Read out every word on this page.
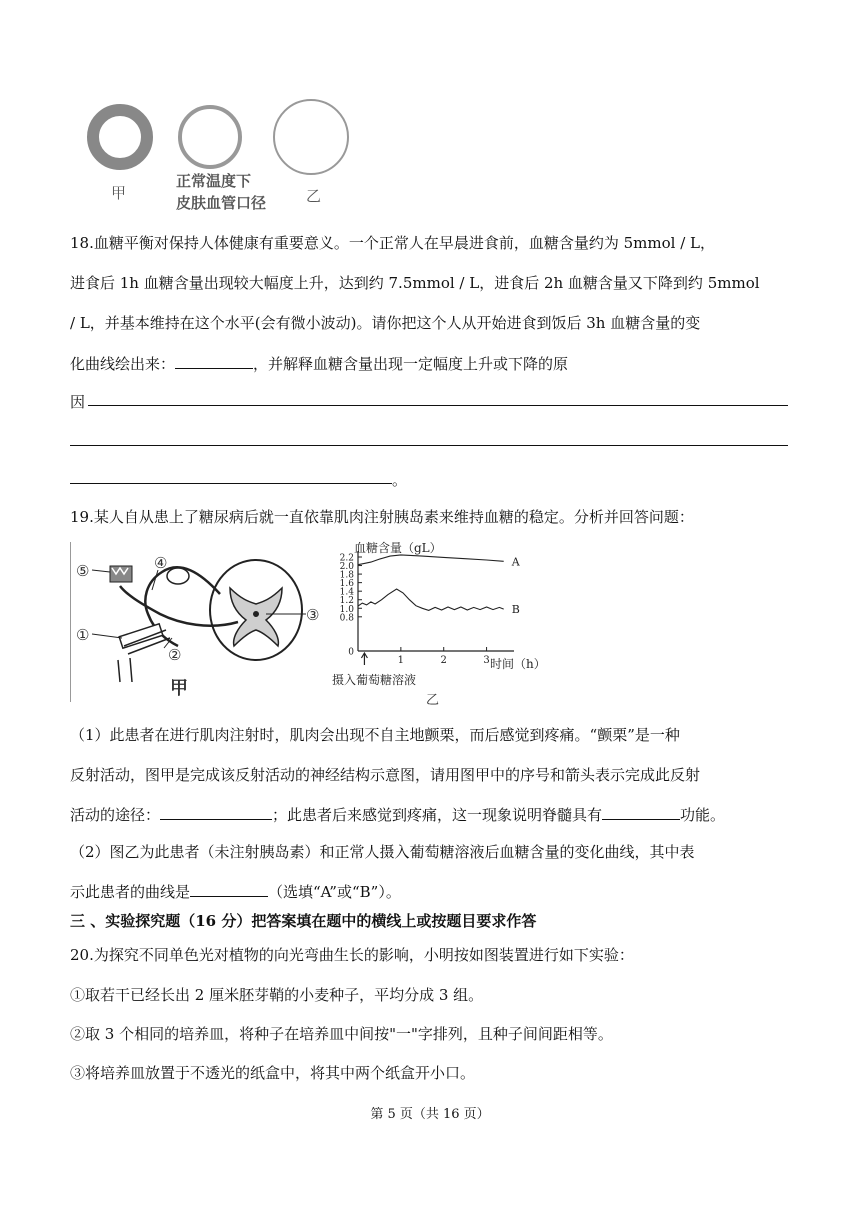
甲
正常温度下
皮肤血管口径	乙
18.血糖平衡对保持人体健康有重要意义。一个正常人在早晨进食前，血糖含量约为 5mmol / L，
进食后 1h 血糖含量出现较大幅度上升，达到约 7.5mmol / L，进食后 2h 血糖含量又下降到约 5mmol
/ L，并基本维持在这个水平(会有微小波动)。请你把这个人从开始进食到饭后 3h 血糖含量的变
化曲线绘出来：	，并解释血糖含量出现一定幅度上升或下降的原
因
。
19.某人自从患上了糖尿病后就一直依靠肌肉注射胰岛素来维持血糖的稳定。分析并回答问题：
⑤	④
①
②
③
甲
0
0.8
1.0
1.2
1.4
1.6
1.8
2.0
2.2
1	2	3
血糖含量（gL）
时间（h）
摄入葡萄糖溶液
乙
A
B
（1）此患者在进行肌肉注射时，肌肉会出现不自主地颤栗，而后感觉到疼痛。“颤栗”是一种
反射活动，图甲是完成该反射活动的神经结构示意图，请用图甲中的序号和箭头表示完成此反射
活动的途径：	；此患者后来感觉到疼痛，这一现象说明脊髓具有	功能。
（2）图乙为此患者（未注射胰岛素）和正常人摄入葡萄糖溶液后血糖含量的变化曲线，其中表
示此患者的曲线是	（选填“A”或“B”）。
三 、实验探究题（16 分）把答案填在题中的横线上或按题目要求作答
20.为探究不同单色光对植物的向光弯曲生长的影响，小明按如图装置进行如下实验：
①取若干已经长出 2 厘米胚芽鞘的小麦种子，平均分成 3 组。
②取 3 个相同的培养皿，将种子在培养皿中间按"一"字排列，且种子间间距相等。
③将培养皿放置于不透光的纸盒中，将其中两个纸盒开小口。
第 5 页（共 16 页）
